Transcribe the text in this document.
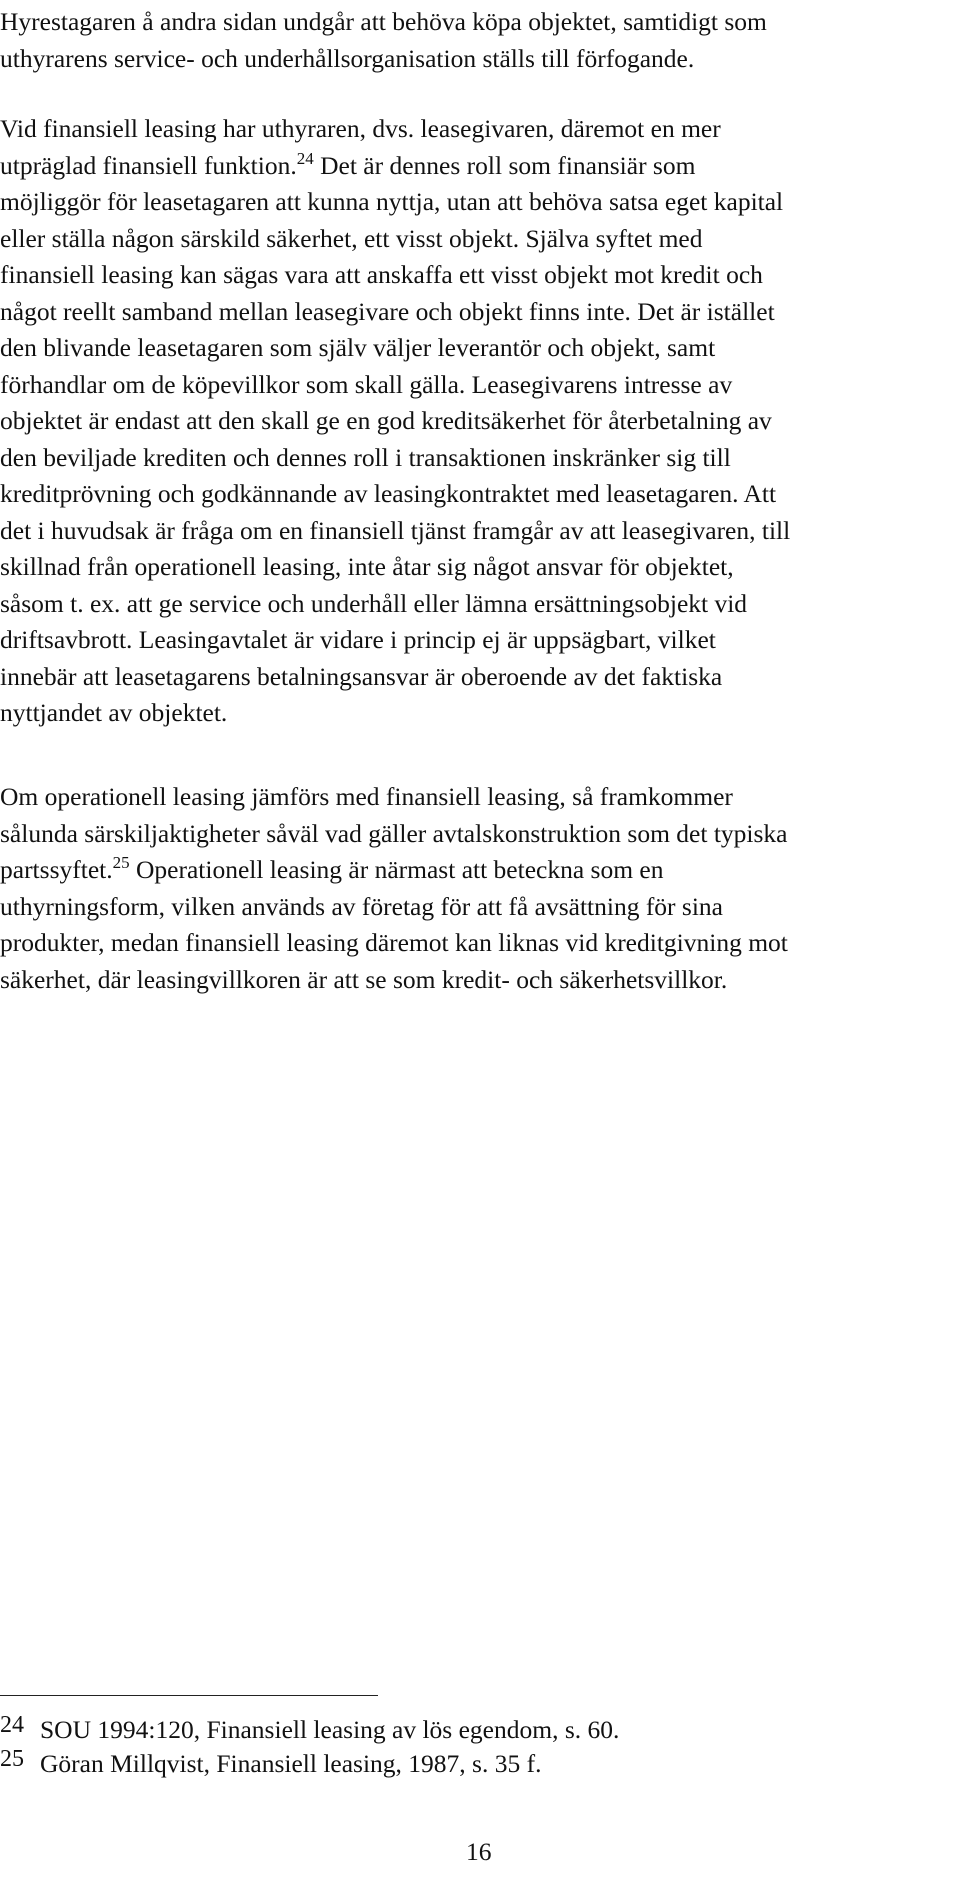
Hyrestagaren å andra sidan undgår att behöva köpa objektet, samtidigt som
uthyrarens service- och underhållsorganisation ställs till förfogande.

Vid finansiell leasing har uthyraren, dvs. leasegivaren, däremot en mer
utpräglad finansiell funktion.$^{24}$ Det är dennes roll som finansiär som
möjliggör för leasetagaren att kunna nyttja, utan att behöva satsa eget kapital
eller ställa någon särskild säkerhet, ett visst objekt. Själva syftet med
finansiell leasing kan sägas vara att anskaffa ett visst objekt mot kredit och
något reellt samband mellan leasegivare och objekt finns inte. Det är istället
den blivande leasetagaren som själv väljer leverantör och objekt, samt
förhandlar om de köpevillkor som skall gälla. Leasegivarens intresse av
objektet är endast att den skall ge en god kreditsäkerhet för återbetalning av
den beviljade krediten och dennes roll i transaktionen inskränker sig till
kreditprövning och godkännande av leasingkontraktet med leasetagaren. Att
det i huvudsak är fråga om en finansiell tjänst framgår av att leasegivaren, till
skillnad från operationell leasing, inte åtar sig något ansvar för objektet,
såsom t. ex. att ge service och underhåll eller lämna ersättningsobjekt vid
driftsavbrott. Leasingavtalet är vidare i princip ej är uppsägbart, vilket
innebär att leasetagarens betalningsansvar är oberoende av det faktiska
nyttjandet av objektet.

Om operationell leasing jämförs med finansiell leasing, så framkommer
sålunda särskiljaktigheter såväl vad gäller avtalskonstruktion som det typiska
partssyftet.$^{25}$ Operationell leasing är närmast att beteckna som en
uthyrningsform, vilken används av företag för att få avsättning för sina
produkter, medan finansiell leasing däremot kan liknas vid kreditgivning mot
säkerhet, där leasingvillkoren är att se som kredit- och säkerhetsvillkor.

24 SOU 1994:120, Finansiell leasing av lös egendom, s. 60.
25 Göran Millqvist, Finansiell leasing, 1987, s. 35 f.
16
